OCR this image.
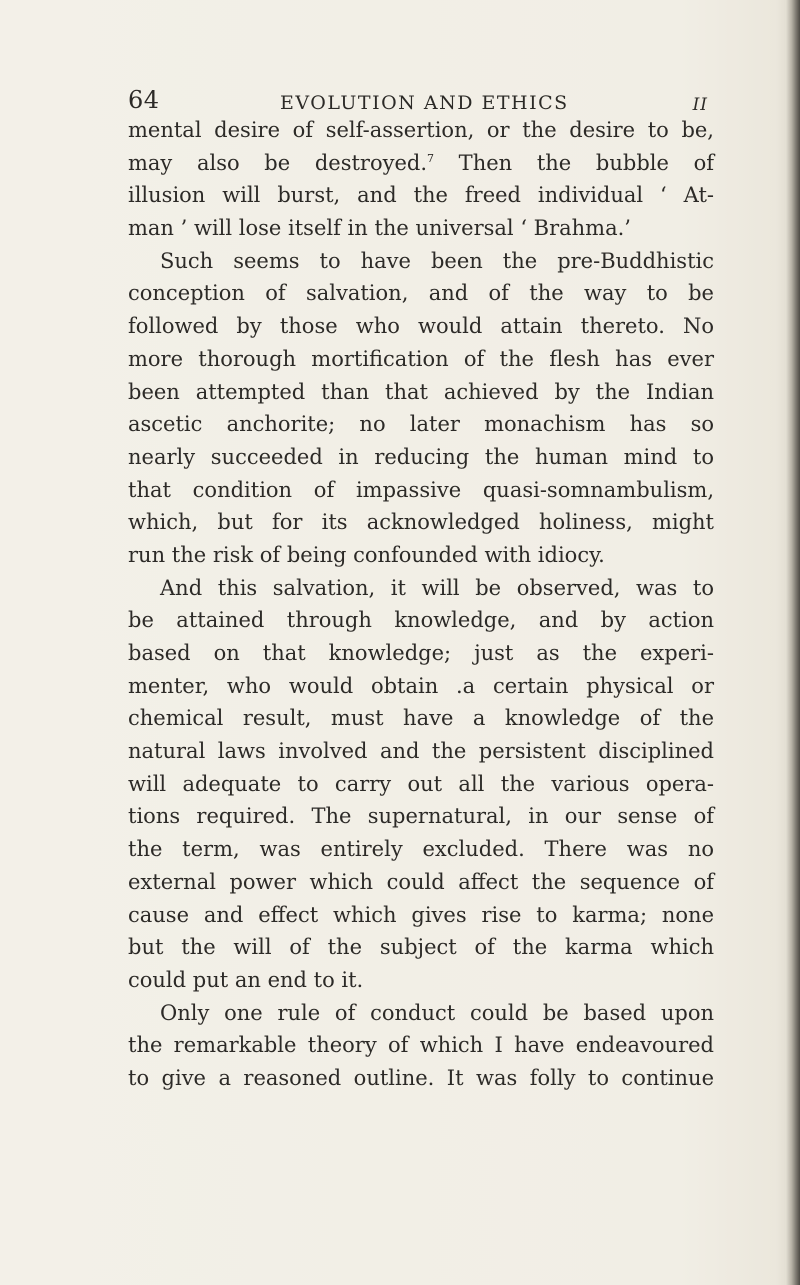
64	EVOLUTION AND ETHICS	II
mental desire of self-assertion, or the desire to be,
may also be destroyed.$^7$ Then the bubble of
illusion will burst, and the freed individual ‘ At-
man ’ will lose itself in the universal ‘ Brahma.’
Such seems to have been the pre-Buddhistic
conception of salvation, and of the way to be
followed by those who would attain thereto. No
more thorough mortification of the flesh has ever
been attempted than that achieved by the Indian
ascetic anchorite; no later monachism has so
nearly succeeded in reducing the human mind to
that condition of impassive quasi-somnambulism,
which, but for its acknowledged holiness, might
run the risk of being confounded with idiocy.
And this salvation, it will be observed, was to
be attained through knowledge, and by action
based on that knowledge; just as the experi-
menter, who would obtain .a certain physical or
chemical result, must have a knowledge of the
natural laws involved and the persistent disciplined
will adequate to carry out all the various opera-
tions required. The supernatural, in our sense of
the term, was entirely excluded. There was no
external power which could affect the sequence of
cause and effect which gives rise to karma; none
but the will of the subject of the karma which
could put an end to it.
Only one rule of conduct could be based upon
the remarkable theory of which I have endeavoured
to give a reasoned outline. It was folly to continue
